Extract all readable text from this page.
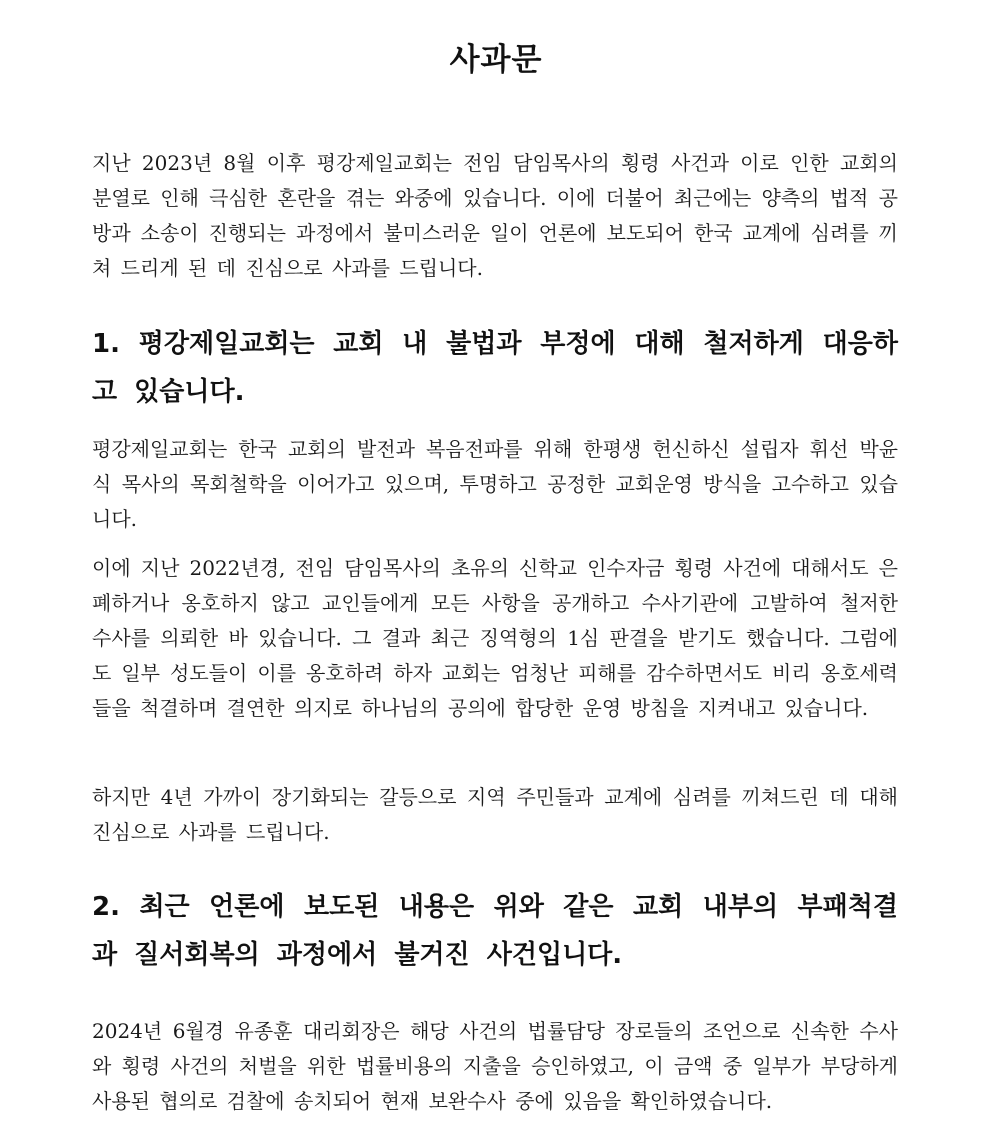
사과문

지난 2023년 8월 이후 평강제일교회는 전임 담임목사의 횡령 사건과 이로 인한 교회의 분열로 인해 극심한 혼란을 겪는 와중에 있습니다. 이에 더불어 최근에는 양측의 법적 공방과 소송이 진행되는 과정에서 불미스러운 일이 언론에 보도되어 한국 교계에 심려를 끼쳐 드리게 된 데 진심으로 사과를 드립니다.

1. 평강제일교회는 교회 내 불법과 부정에 대해 철저하게 대응하고 있습니다.

평강제일교회는 한국 교회의 발전과 복음전파를 위해 한평생 헌신하신 설립자 휘선 박윤식 목사의 목회철학을 이어가고 있으며, 투명하고 공정한 교회운영 방식을 고수하고 있습니다.

이에 지난 2022년경, 전임 담임목사의 초유의 신학교 인수자금 횡령 사건에 대해서도 은폐하거나 옹호하지 않고 교인들에게 모든 사항을 공개하고 수사기관에 고발하여 철저한 수사를 의뢰한 바 있습니다. 그 결과 최근 징역형의 1심 판결을 받기도 했습니다. 그럼에도 일부 성도들이 이를 옹호하려 하자 교회는 엄청난 피해를 감수하면서도 비리 옹호세력들을 척결하며 결연한 의지로 하나님의 공의에 합당한 운영 방침을 지켜내고 있습니다.

하지만 4년 가까이 장기화되는 갈등으로 지역 주민들과 교계에 심려를 끼쳐드린 데 대해 진심으로 사과를 드립니다.

2. 최근 언론에 보도된 내용은 위와 같은 교회 내부의 부패척결과 질서회복의 과정에서 불거진 사건입니다.

2024년 6월경 유종훈 대리회장은 해당 사건의 법률담당 장로들의 조언으로 신속한 수사와 횡령 사건의 처벌을 위한 법률비용의 지출을 승인하였고, 이 금액 중 일부가 부당하게 사용된 협의로 검찰에 송치되어 현재 보완수사 중에 있음을 확인하였습니다.
